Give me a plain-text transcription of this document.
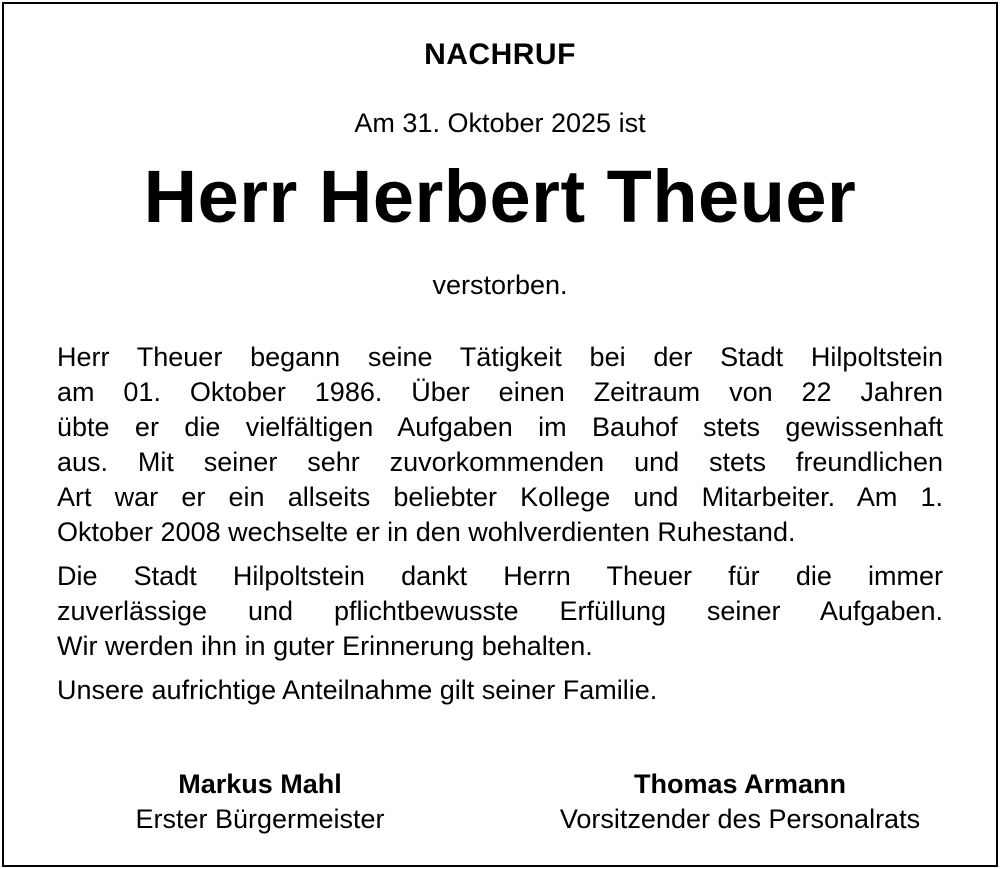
NACHRUF
Am 31. Oktober 2025 ist
Herr Herbert Theuer
verstorben.

Herr Theuer begann seine Tätigkeit bei der Stadt Hilpoltstein
am 01. Oktober 1986. Über einen Zeitraum von 22 Jahren
übte er die vielfältigen Aufgaben im Bauhof stets gewissenhaft
aus. Mit seiner sehr zuvorkommenden und stets freundlichen
Art war er ein allseits beliebter Kollege und Mitarbeiter. Am 1.
Oktober 2008 wechselte er in den wohlverdienten Ruhestand.

Die Stadt Hilpoltstein dankt Herrn Theuer für die immer
zuverlässige und pflichtbewusste Erfüllung seiner Aufgaben.
Wir werden ihn in guter Erinnerung behalten.

Unsere aufrichtige Anteilnahme gilt seiner Familie.

Markus Mahl
Erster Bürgermeister
Thomas Armann
Vorsitzender des Personalrats
